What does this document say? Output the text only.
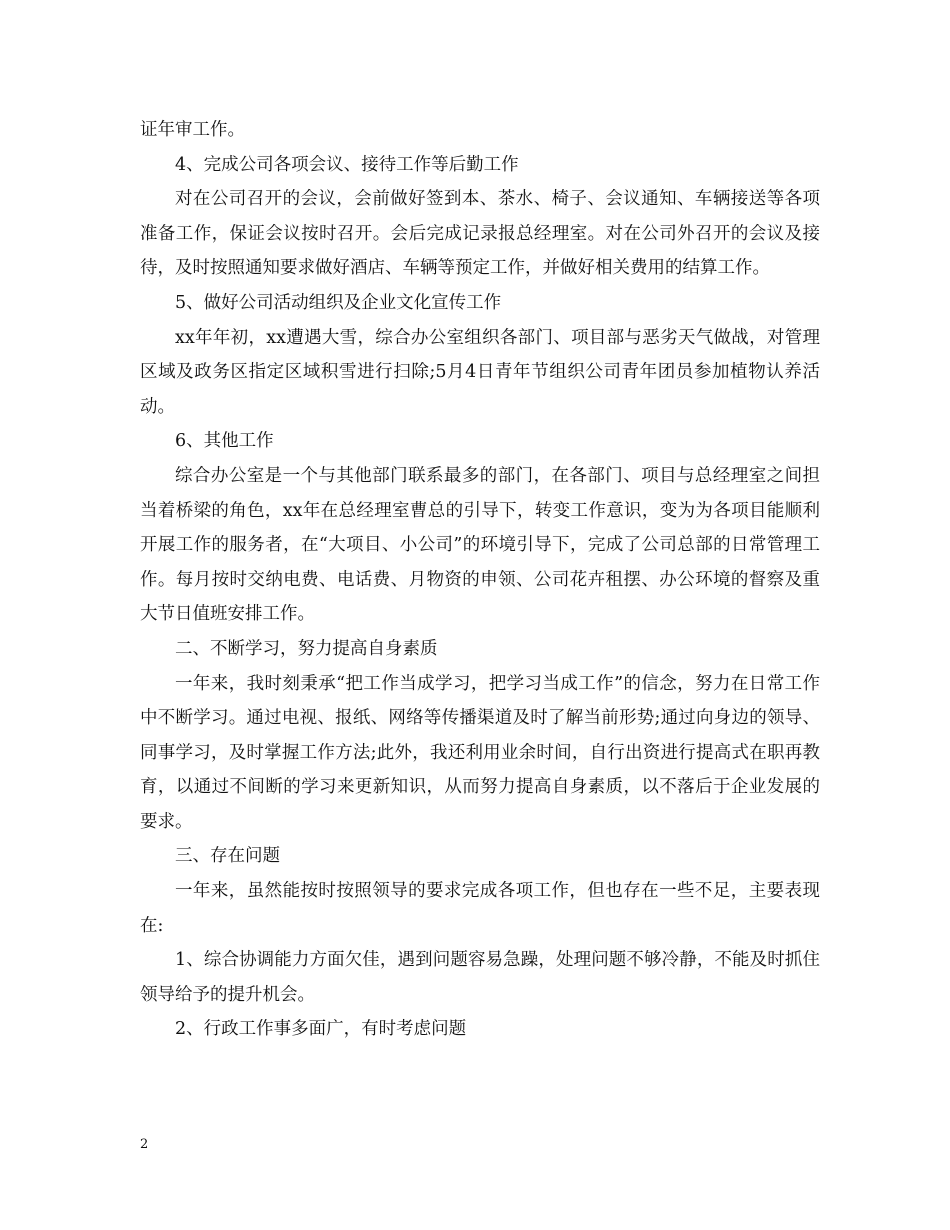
证年审工作。

4、完成公司各项会议、接待工作等后勤工作

对在公司召开的会议，会前做好签到本、茶水、椅子、会议通知、车辆接送等各项准备工作，保证会议按时召开。会后完成记录报总经理室。对在公司外召开的会议及接待，及时按照通知要求做好酒店、车辆等预定工作，并做好相关费用的结算工作。

5、做好公司活动组织及企业文化宣传工作

xx年年初，xx遭遇大雪，综合办公室组织各部门、项目部与恶劣天气做战，对管理区域及政务区指定区域积雪进行扫除;5月4日青年节组织公司青年团员参加植物认养活动。

6、其他工作

综合办公室是一个与其他部门联系最多的部门，在各部门、项目与总经理室之间担当着桥梁的角色，xx年在总经理室曹总的引导下，转变工作意识，变为为各项目能顺利开展工作的服务者，在“大项目、小公司”的环境引导下，完成了公司总部的日常管理工作。每月按时交纳电费、电话费、月物资的申领、公司花卉租摆、办公环境的督察及重大节日值班安排工作。

二、不断学习，努力提高自身素质

一年来，我时刻秉承“把工作当成学习，把学习当成工作”的信念，努力在日常工作中不断学习。通过电视、报纸、网络等传播渠道及时了解当前形势;通过向身边的领导、同事学习，及时掌握工作方法;此外，我还利用业余时间，自行出资进行提高式在职再教育，以通过不间断的学习来更新知识，从而努力提高自身素质，以不落后于企业发展的要求。

三、存在问题

一年来，虽然能按时按照领导的要求完成各项工作，但也存在一些不足，主要表现在:

1、综合协调能力方面欠佳，遇到问题容易急躁，处理问题不够冷静，不能及时抓住领导给予的提升机会。

2、行政工作事多面广，有时考虑问题

2
